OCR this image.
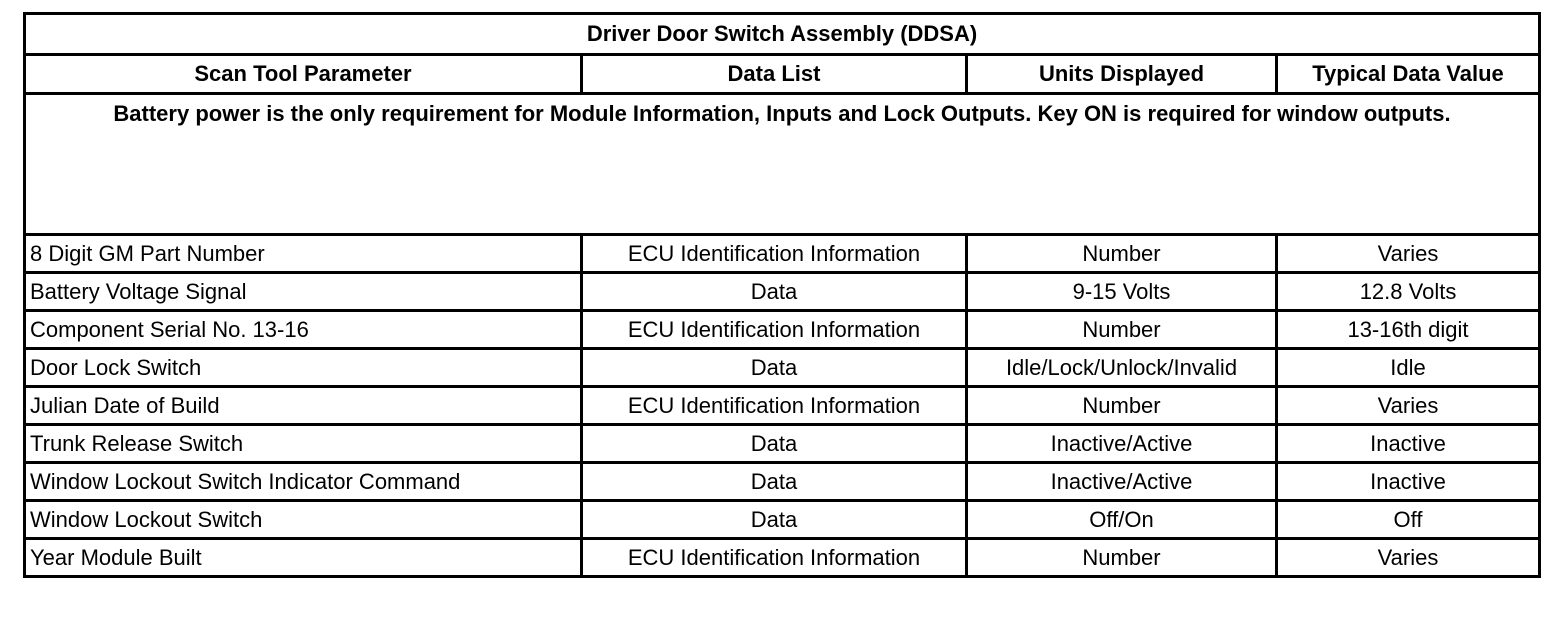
Driver Door Switch Assembly (DDSA)			
Scan Tool Parameter	Data List	Units Displayed	Typical Data Value
Battery power is the only requirement for Module Information, Inputs and Lock Outputs. Key ON is required for window outputs.			
8 Digit GM Part Number	ECU Identification Information	Number	Varies
Battery Voltage Signal	Data	9-15 Volts	12.8 Volts
Component Serial No. 13-16	ECU Identification Information	Number	13-16th digit
Door Lock Switch	Data	Idle/Lock/Unlock/Invalid	Idle
Julian Date of Build	ECU Identification Information	Number	Varies
Trunk Release Switch	Data	Inactive/Active	Inactive
Window Lockout Switch Indicator Command	Data	Inactive/Active	Inactive
Window Lockout Switch	Data	Off/On	Off
Year Module Built	ECU Identification Information	Number	Varies
